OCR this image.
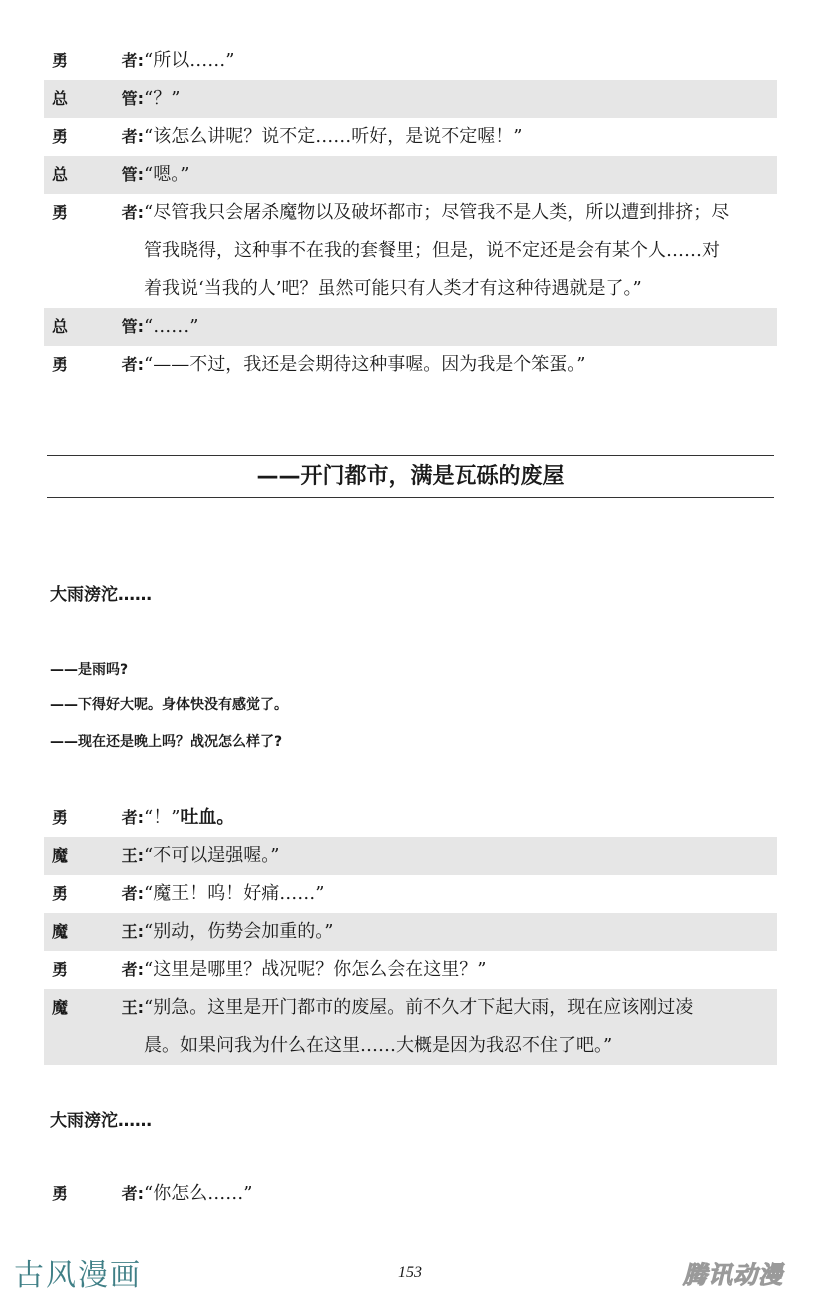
勇	者: “所以……”
总	管: “？”
勇	者: “该怎么讲呢？说不定……听好，是说不定喔！”
总	管: “嗯。”
勇	者: “尽管我只会屠杀魔物以及破坏都市；尽管我不是人类，所以遭到排挤；尽
管我晓得，这种事不在我的套餐里；但是，说不定还是会有某个人……对
着我说‘当我的人’吧？虽然可能只有人类才有这种待遇就是了。”
总	管: “……”
勇	者: “——不过，我还是会期待这种事喔。因为我是个笨蛋。”
——开门都市，满是瓦砾的废屋
大雨滂沱……
——是雨吗?
——下得好大呢。身体快没有感觉了。
——现在还是晚上吗？战况怎么样了?
勇	者: “！”吐血。
魔	王: “不可以逞强喔。”
勇	者: “魔王！呜！好痛……”
魔	王: “别动，伤势会加重的。”
勇	者: “这里是哪里？战况呢？你怎么会在这里？”
魔	王: “别急。这里是开门都市的废屋。前不久才下起大雨，现在应该刚过凌
晨。如果问我为什么在这里……大概是因为我忍不住了吧。”
大雨滂沱……
勇	者: “你怎么……”
古风漫画	153	腾讯动漫
